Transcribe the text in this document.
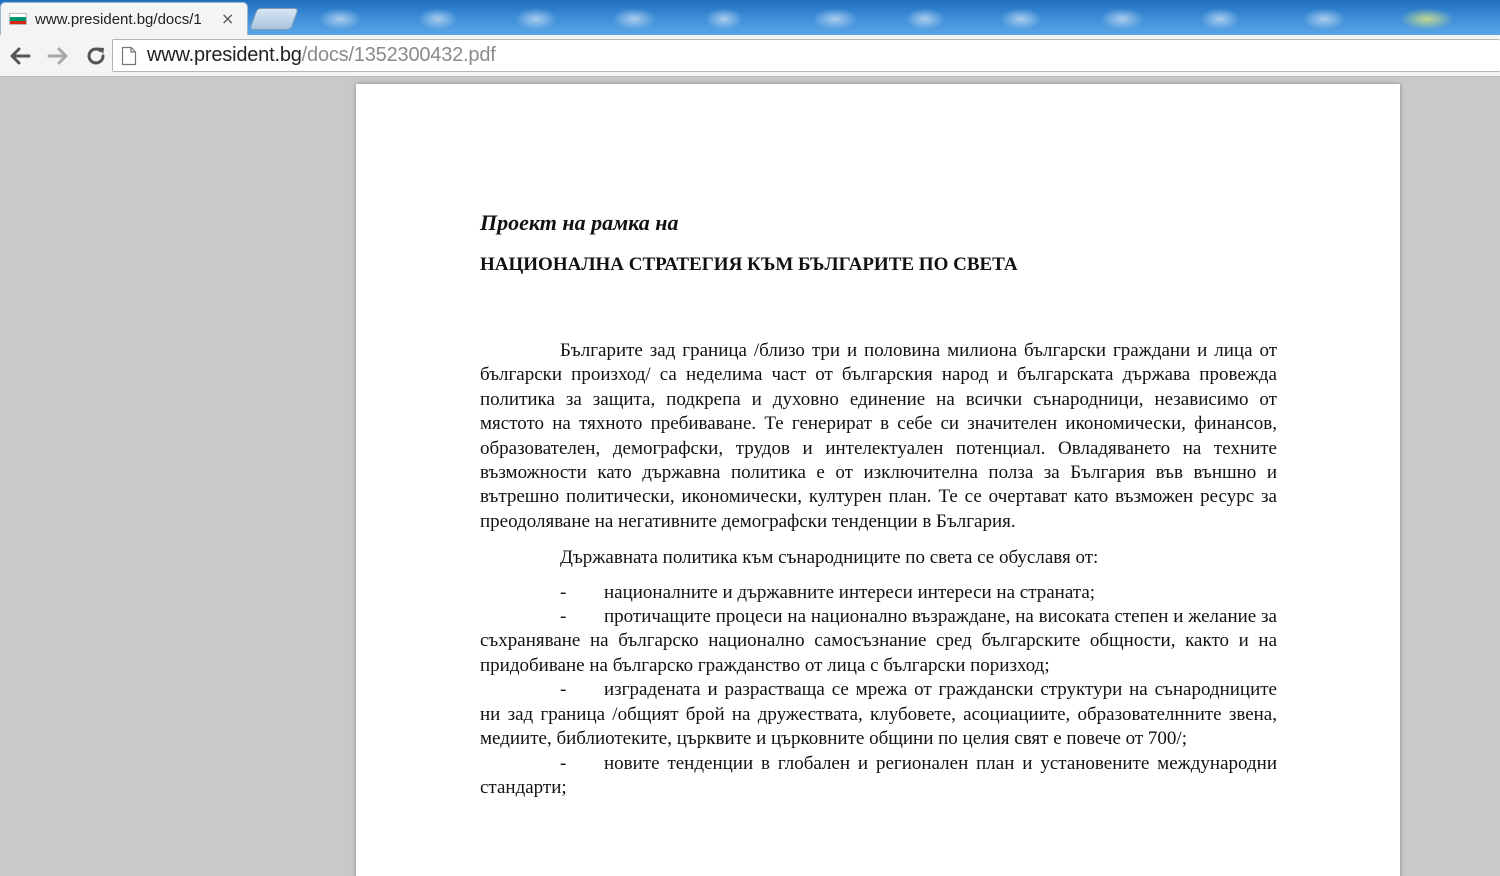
www.president.bg/docs/1	×
www.president.bg/docs/1352300432.pdf
Проект на рамка на
НАЦИОНАЛНА СТРАТЕГИЯ КЪМ БЪЛГАРИТЕ ПО СВЕТА

Българите зад граница /близо три и половина милиона български граждани и лица от български произход/ са неделима част от българския народ и българската държава провежда политика за защита, подкрепа и духовно единение на всички сънародници, независимо от мястото на тяхното пребиваване. Те генерират в себе си значителен икономически, финансов, образователен, демографски, трудов и интелектуален потенциал. Овладяването на техните възможности като държавна политика е от изключителна полза за България във външно и вътрешно политически, икономически, културен план. Те се очертават като възможен ресурс за преодоляване на негативните демографски тенденции в България.

Държавната политика към сънародниците по света се обуславя от:

- националните и държавните интереси интереси на страната;

- протичащите процеси на национално възраждане, на високата степен и желание за съхраняване на българско национално самосъзнание сред българските общности, както и на придобиване на българско гражданство от лица с български поризход;

- изградената и разрастваща се мрежа от граждански структури на сънародниците ни зад граница /общият брой на дружествата, клубовете, асоциациите, образователнните звена, медиите, библиотеките, църквите и църковните общини по целия свят е повече от 700/;

- новите тенденции в глобален и регионален план и установените международни стандарти;
